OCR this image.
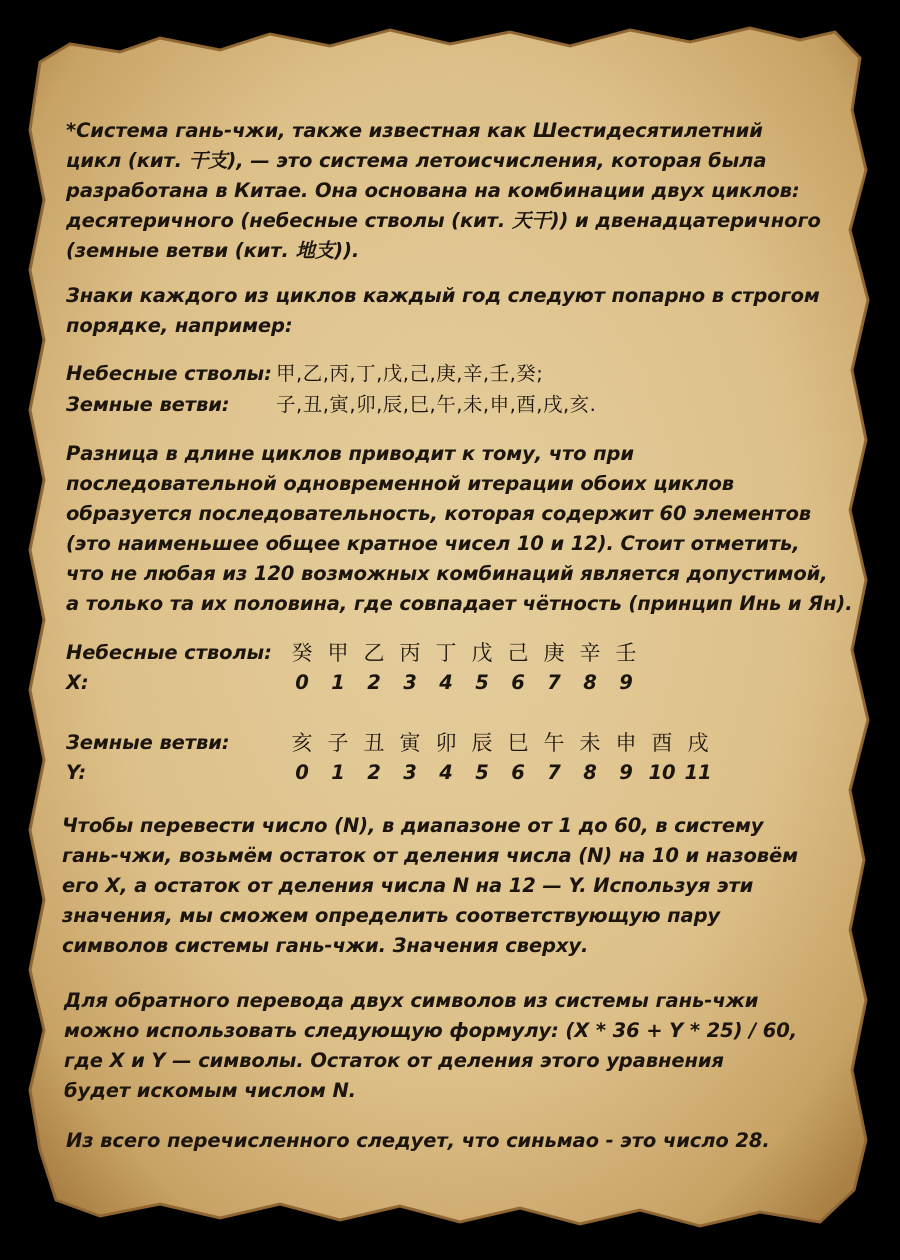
*Система гань-чжи, также известная как Шестидесятилетний
цикл (кит. 干支), — это система летоисчисления, которая была
разработана в Китае. Она основана на комбинации двух циклов:
десятеричного (небесные стволы (кит. 天干)) и двенадцатеричного
(земные ветви (кит. 地支)).

Знаки каждого из циклов каждый год следуют попарно в строгом
порядке, например:

Небесные стволы: 甲,乙,丙,丁,戊,己,庚,辛,壬,癸;
Земные ветви:	子,丑,寅,卯,辰,巳,午,未,申,酉,戌,亥.

Разница в длине циклов приводит к тому, что при
последовательной одновременной итерации обоих циклов
образуется последовательность, которая содержит 60 элементов
(это наименьшее общее кратное чисел 10 и 12). Стоит отметить,
что не любая из 120 возможных комбинаций является допустимой,
а только та их половина, где совпадает чётность (принцип Инь и Ян).

Небесные стволы: 癸 甲 乙 丙 丁 戊 己 庚 辛 壬
X:	0	1	2	3	4	5	6	7	8	9
Земные ветви:	亥 子 丑 寅 卯 辰 巳 午 未 申 酉 戌
Y:	0	1	2	3	4	5	6	7	8	9 10 11

Чтобы перевести число (N), в диапазоне от 1 до 60, в систему
гань-чжи, возьмём остаток от деления числа (N) на 10 и назовём
его X, а остаток от деления числа N на 12 — Y. Используя эти
значения, мы сможем определить соответствующую пару
символов системы гань-чжи. Значения сверху.

Для обратного перевода двух символов из системы гань-чжи
можно использовать следующую формулу: (X * 36 + Y * 25) / 60,
где X и Y — символы. Остаток от деления этого уравнения
будет искомым числом N.

Из всего перечисленного следует, что синьмао - это число 28.
